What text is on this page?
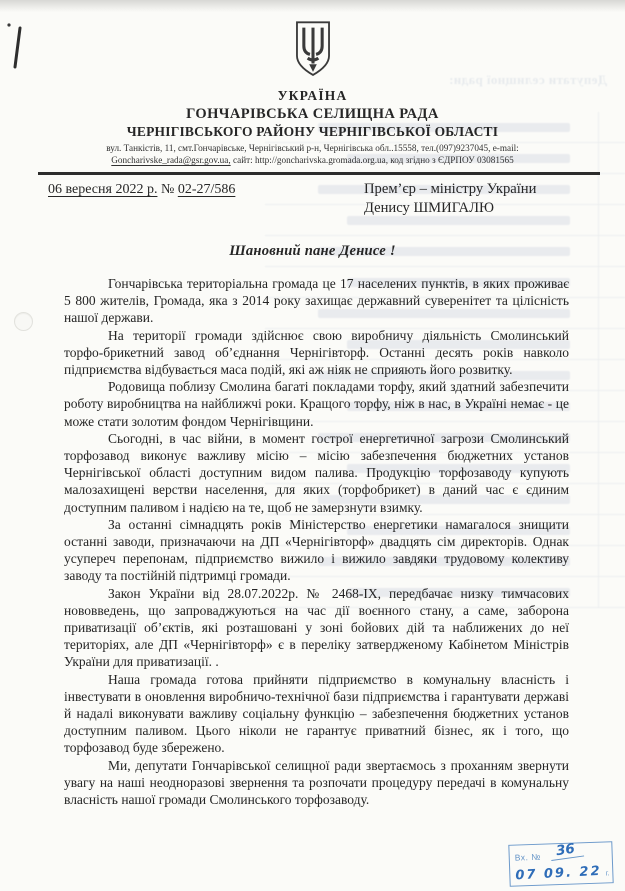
Депутати селищної ради:
УКРАЇНА
ГОНЧАРІВСЬКА СЕЛИЩНА РАДА
ЧЕРНІГІВСЬКОГО РАЙОНУ ЧЕРНІГІВСЬКОЇ ОБЛАСТІ
вул. Танкістів, 11, смт.Гончарівське, Чернігівський р-н, Чернігівська обл..15558, тел.(097)9237045, e-mail:
Goncharivske_rada@gsr.gov.ua, сайт: http://goncharivska.gromada.org.ua, код згідно з ЄДРПОУ 03081565
06 вересня 2022 р. № 02-27/586	Прем’єр – міністру України
Денису ШМИГАЛЮ
Шановний пане Денисе !

Гончарівська територіальна громада це 17 населених пунктів, в яких проживає 5 800 жителів, Громада, яка з 2014 року захищає державний суверенітет та цілісність нашої держави.

На території громади здійснює свою виробничу діяльність Смолинський торфо-брикетний завод об’єднання Чернігівторф. Останні десять років навколо підприємства відбувається маса подій, які аж ніяк не сприяють його розвитку.

Родовища поблизу Смолина багаті покладами торфу, який здатний забезпечити роботу виробництва на найближчі роки. Кращого торфу, ніж в нас, в Україні немає - це може стати золотим фондом Чернігівщини.

Сьогодні, в час війни, в момент гострої енергетичної загрози Смолинський торфозавод виконує важливу місію – місію забезпечення бюджетних установ Чернігівської області доступним видом палива. Продукцію торфозаводу купують малозахищені верстви населення, для яких (торфобрикет) в даний час є єдиним доступним паливом і надією на те, щоб не замерзнути взимку.

За останні сімнадцять років Міністерство енергетики намагалося знищити останні заводи, призначаючи на ДП «Чернігівторф» двадцять сім директорів. Однак усупереч перепонам, підприємство вижило і вижило завдяки трудовому колективу заводу та постійній підтримці громади.

Закон України від 28.07.2022р. № 2468-ІХ, передбачає низку тимчасових нововведень, що запроваджуються на час дії воєнного стану, а саме, заборона приватизації об’єктів, які розташовані у зоні бойових дій та наближених до неї територіях, але ДП «Чернігівторф» є в переліку затвердженому Кабінетом Міністрів України для приватизації. .

Наша громада готова прийняти підприємство в комунальну власність і інвестувати в оновлення виробничо-технічної бази підприємства і гарантувати державі й надалі виконувати важливу соціальну функцію – забезпечення бюджетних установ доступним паливом. Цього ніколи не гарантує приватний бізнес, як і того, що торфозавод буде збережено.

Ми, депутати Гончарівської селищної ради звертаємось з проханням звернути увагу на наші неодноразові звернення та розпочати процедуру передачі в комунальну власність нашої громади Смолинського торфозаводу.

Вх. №	36
07 09. 22 г.
